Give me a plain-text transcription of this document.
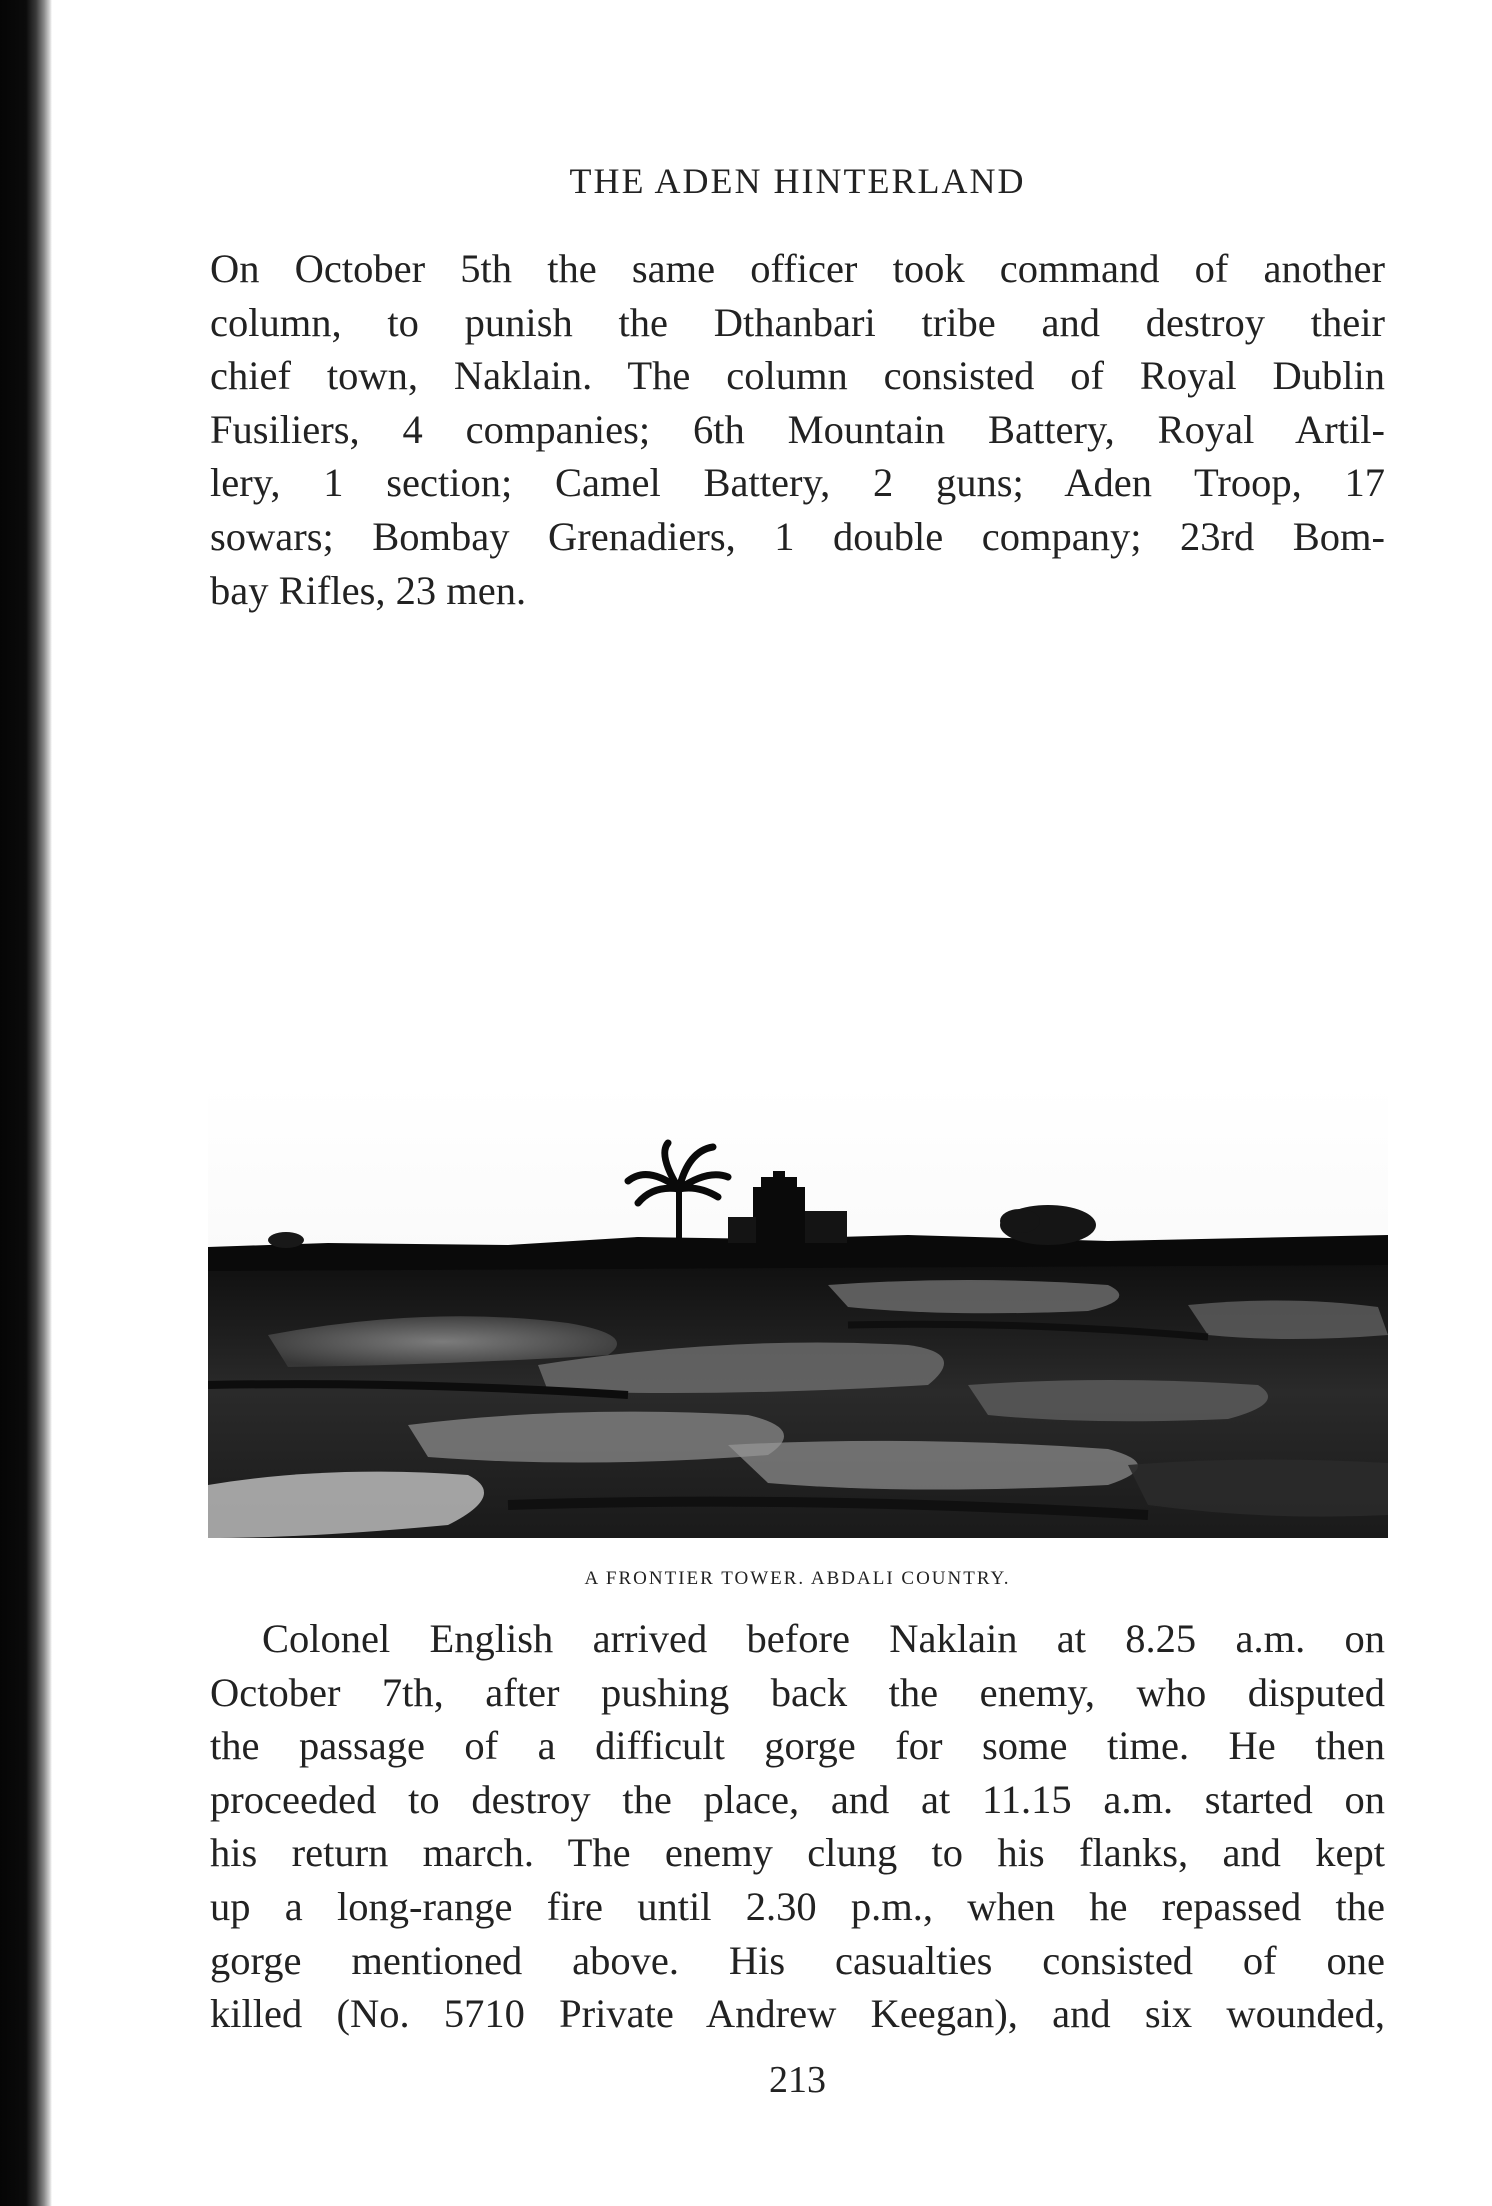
THE ADEN HINTERLAND

On October 5th the same officer took command of another
column, to punish the Dthanbari tribe and destroy their
chief town, Naklain. The column consisted of Royal Dublin
Fusiliers, 4 companies; 6th Mountain Battery, Royal Artil-
lery, 1 section; Camel Battery, 2 guns; Aden Troop, 17
sowars; Bombay Grenadiers, 1 double company; 23rd Bom-
bay Rifles, 23 men.

A FRONTIER TOWER. ABDALI COUNTRY.

Colonel English arrived before Naklain at 8.25 a.m. on
October 7th, after pushing back the enemy, who disputed
the passage of a difficult gorge for some time. He then
proceeded to destroy the place, and at 11.15 a.m. started on
his return march. The enemy clung to his flanks, and kept
up a long-range fire until 2.30 p.m., when he repassed the
gorge mentioned above. His casualties consisted of one
killed (No. 5710 Private Andrew Keegan), and six wounded,

213
